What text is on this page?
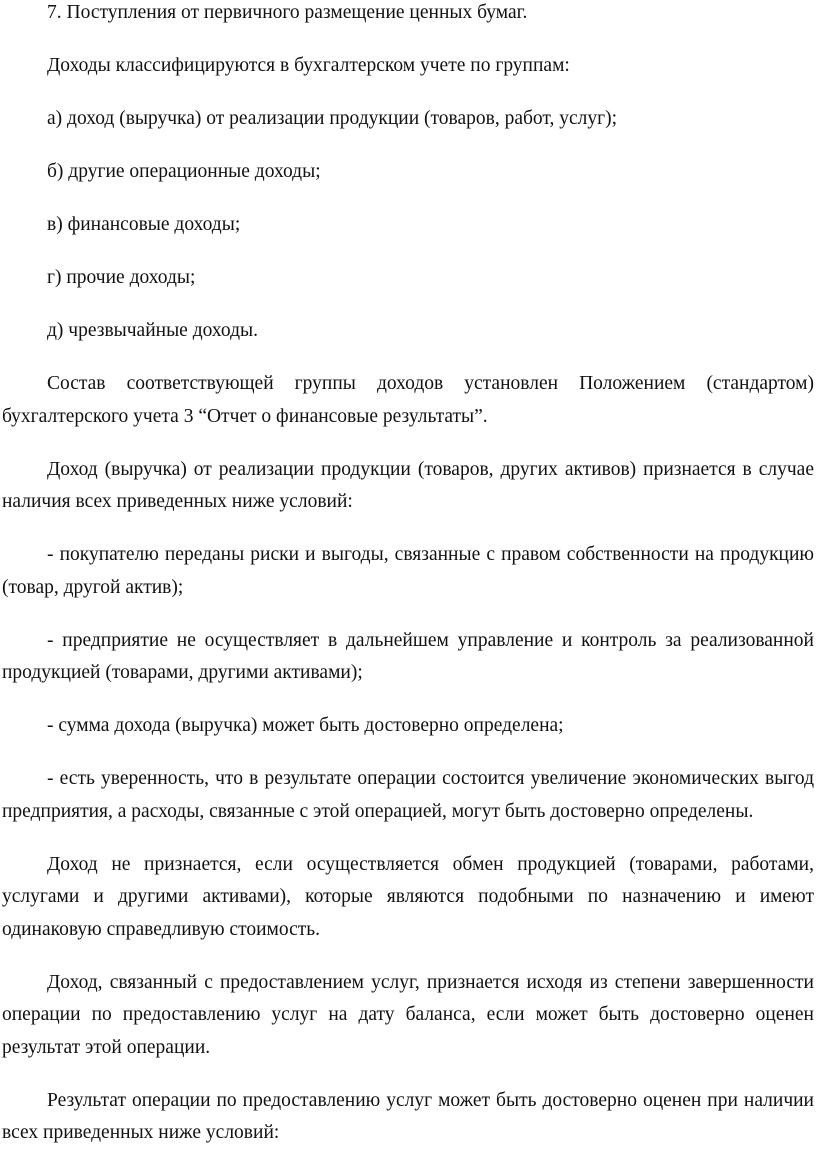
7. Поступления от первичного размещение ценных бумаг.

Доходы классифицируются в бухгалтерском учете по группам:

а) доход (выручка) от реализации продукции (товаров, работ, услуг);

б) другие операционные доходы;

в) финансовые доходы;

г) прочие доходы;

д) чрезвычайные доходы.

Состав соответствующей группы доходов установлен Положением (стандартом) бухгалтерского учета 3 “Отчет о финансовые результаты”.

Доход (выручка) от реализации продукции (товаров, других активов) признается в случае наличия всех приведенных ниже условий:

- покупателю переданы риски и выгоды, связанные с правом собственности на продукцию (товар, другой актив);

- предприятие не осуществляет в дальнейшем управление и контроль за реализованной продукцией (товарами, другими активами);

- сумма дохода (выручка) может быть достоверно определена;

- есть уверенность, что в результате операции состоится увеличение экономических выгод предприятия, а расходы, связанные с этой операцией, могут быть достоверно определены.

Доход не признается, если осуществляется обмен продукцией (товарами, работами, услугами и другими активами), которые являются подобными по назначению и имеют одинаковую справедливую стоимость.

Доход, связанный с предоставлением услуг, признается исходя из степени завершенности операции по предоставлению услуг на дату баланса, если может быть достоверно оценен результат этой операции.

Результат операции по предоставлению услуг может быть достоверно оценен при наличии всех приведенных ниже условий:
